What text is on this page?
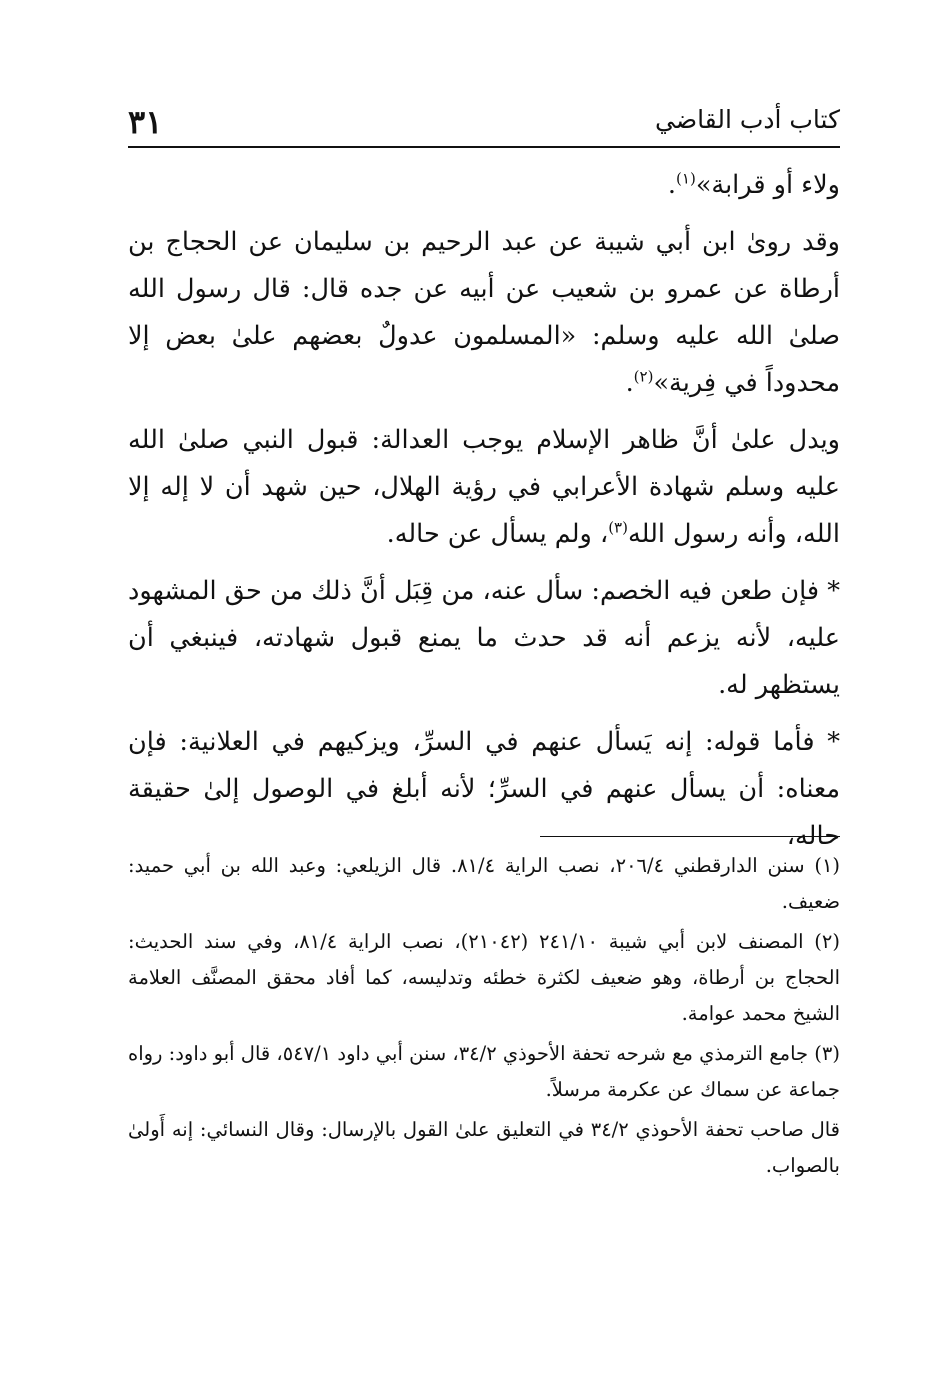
كتاب أدب القاضي
٣١

ولاء أو قرابة»$^{(١)}$.

وقد رویٰ ابن أبي شيبة عن عبد الرحيم بن سليمان عن الحجاج بن أرطاة عن عمرو بن شعيب عن أبيه عن جده قال: قال رسول الله صلىٰ الله عليه وسلم: «المسلمون عدولٌ بعضهم علىٰ بعض إلا محدوداً في فِرية»$^{(٢)}$.

ويدل علىٰ أنَّ ظاهر الإسلام يوجب العدالة: قبول النبي صلىٰ الله عليه وسلم شهادة الأعرابي في رؤية الهلال، حين شهد أن لا إله إلا الله، وأنه رسول الله$^{(٣)}$، ولم يسأل عن حاله.

* فإن طعن فيه الخصم: سأل عنه، من قِبَل أنَّ ذلك من حق المشهود عليه، لأنه يزعم أنه قد حدث ما يمنع قبول شهادته، فينبغي أن يستظهر له.

* فأما قوله: إنه يَسأل عنهم في السرِّ، ويزكيهم في العلانية: فإن معناه: أن يسأل عنهم في السرِّ؛ لأنه أبلغ في الوصول إلىٰ حقيقة حاله،

(١) سنن الدارقطني ٢٠٦/٤، نصب الراية ٨١/٤. قال الزيلعي: وعبد الله بن أبي حميد: ضعيف.

(٢) المصنف لابن أبي شيبة ٢٤١/١٠ (٢١٠٤٢)، نصب الراية ٨١/٤، وفي سند الحديث: الحجاج بن أرطاة، وهو ضعيف لكثرة خطئه وتدليسه، كما أفاد محقق المصنَّف العلامة الشيخ محمد عوامة.

(٣) جامع الترمذي مع شرحه تحفة الأحوذي ٣٤/٢، سنن أبي داود ٥٤٧/١، قال أبو داود: رواه جماعة عن سماك عن عكرمة مرسلاً.

قال صاحب تحفة الأحوذي ٣٤/٢ في التعليق علىٰ القول بالإرسال: وقال النسائي: إنه أَولىٰ بالصواب.
